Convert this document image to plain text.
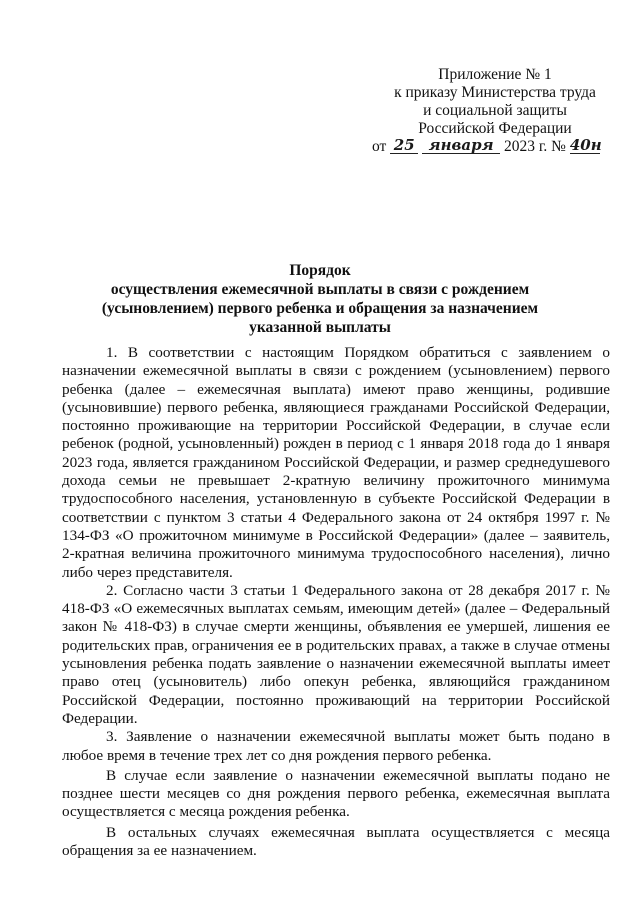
Приложение № 1
к приказу Министерства труда
и социальной защиты
Российской Федерации
от 25 января 2023 г. № 40н
Порядок
осуществления ежемесячной выплаты в связи с рождением
(усыновлением) первого ребенка и обращения за назначением
указанной выплаты

1. В соответствии с настоящим Порядком обратиться с заявлением о назначении ежемесячной выплаты в связи с рождением (усыновлением) первого ребенка (далее – ежемесячная выплата) имеют право женщины, родившие (усыновившие) первого ребенка, являющиеся гражданами Российской Федерации, постоянно проживающие на территории Российской Федерации, в случае если ребенок (родной, усыновленный) рожден в период с 1 января 2018 года до 1 января 2023 года, является гражданином Российской Федерации, и размер среднедушевого дохода семьи не превышает 2-кратную величину прожиточного минимума трудоспособного населения, установленную в субъекте Российской Федерации в соответствии с пунктом 3 статьи 4 Федерального закона от 24 октября 1997 г. № 134-ФЗ «О прожиточном минимуме в Российской Федерации» (далее – заявитель, 2-кратная величина прожиточного минимума трудоспособного населения), лично либо через представителя.

2. Согласно части 3 статьи 1 Федерального закона от 28 декабря 2017 г. № 418-ФЗ «О ежемесячных выплатах семьям, имеющим детей» (далее – Федеральный закон № 418-ФЗ) в случае смерти женщины, объявления ее умершей, лишения ее родительских прав, ограничения ее в родительских правах, а также в случае отмены усыновления ребенка подать заявление о назначении ежемесячной выплаты имеет право отец (усыновитель) либо опекун ребенка, являющийся гражданином Российской Федерации, постоянно проживающий на территории Российской Федерации.

3. Заявление о назначении ежемесячной выплаты может быть подано в любое время в течение трех лет со дня рождения первого ребенка.

В случае если заявление о назначении ежемесячной выплаты подано не позднее шести месяцев со дня рождения первого ребенка, ежемесячная выплата осуществляется с месяца рождения ребенка.

В остальных случаях ежемесячная выплата осуществляется с месяца обращения за ее назначением.
